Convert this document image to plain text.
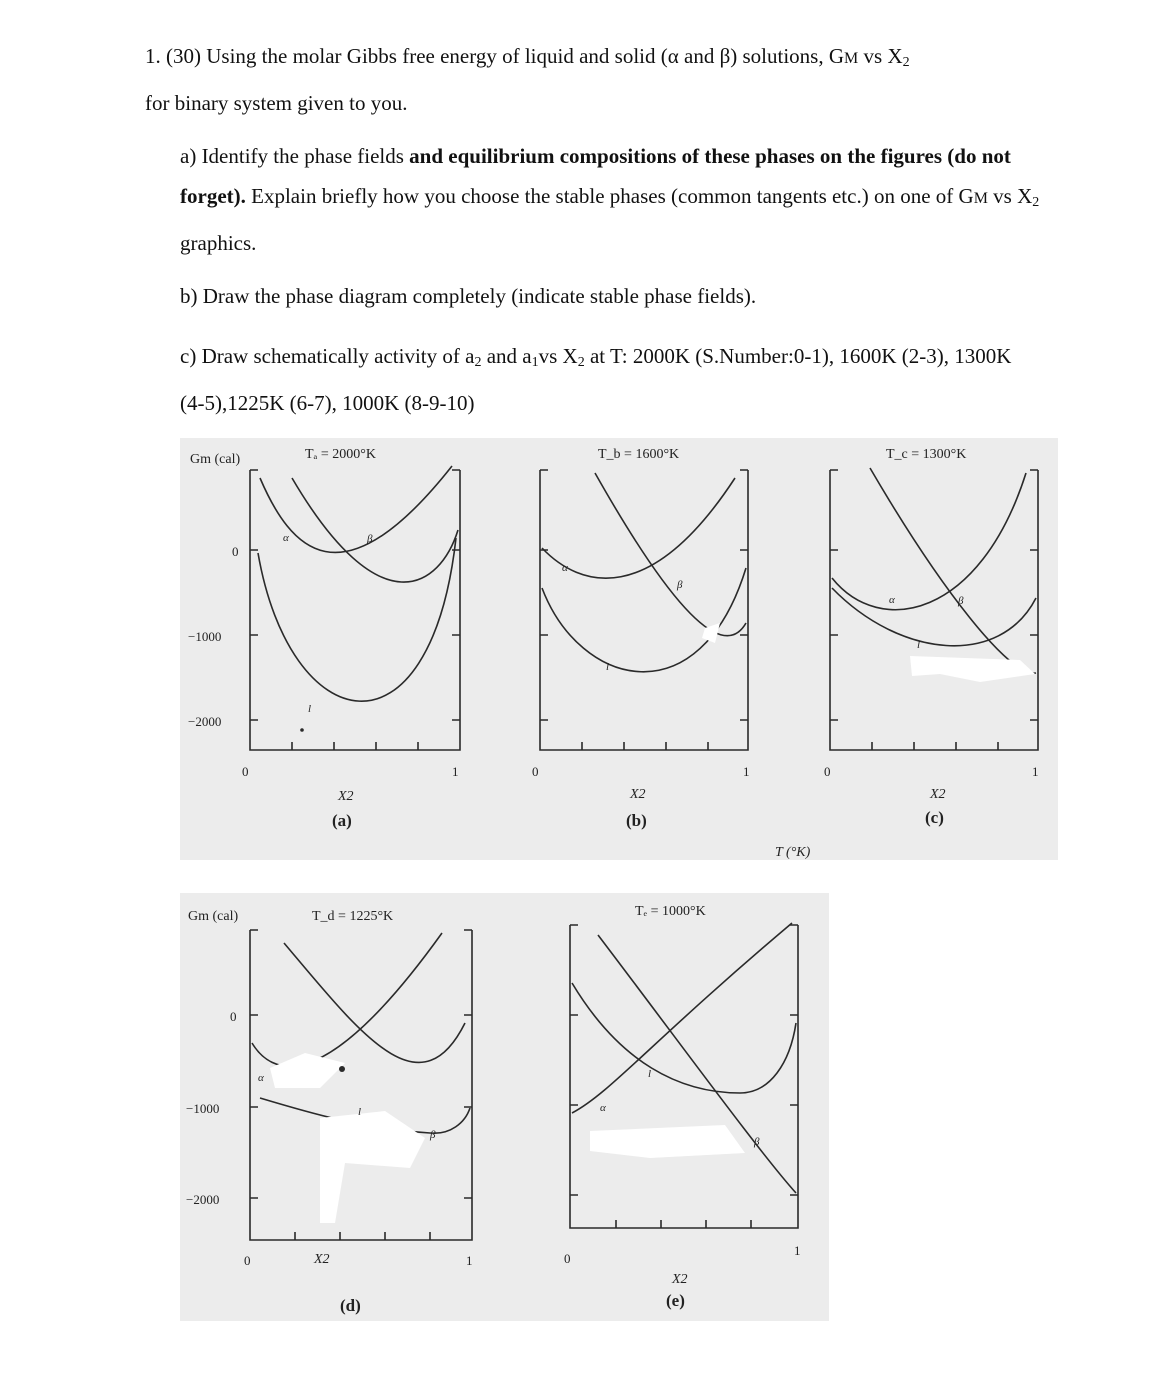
1. (30) Using the molar Gibbs free energy of liquid and solid (α and β) solutions, GM vs $X_2$
for binary system given to you.

a) Identify the phase fields and equilibrium compositions of these phases on the figures (do not forget). Explain briefly how you choose the stable phases (common tangents etc.) on one of GM vs $X_2$ graphics.

b) Draw the phase diagram completely (indicate stable phase fields).

c) Draw schematically activity of $a_2$ and $a_1vs$ $X_2$ at T: 2000K (S.Number:0-1), 1600K (2-3), 1300K (4-5),1225K (6-7), 1000K (8-9-10)

Gm (cal)	Tₐ = 2000°K
0
−1000
−2000
0	1
α	β
l
X2
(a)
T_b = 1600°K
0	1
α
β
l
X2
(b)
T_c = 1300°K
0	1
α	β
l
X2
(c)
T (°K)
Gm (cal)	T_d = 1225°K
0
−1000
−2000
0	1
α
β
l
X2
(d)
Tₑ = 1000°K
0
1
α
β
l
X2
(e)
